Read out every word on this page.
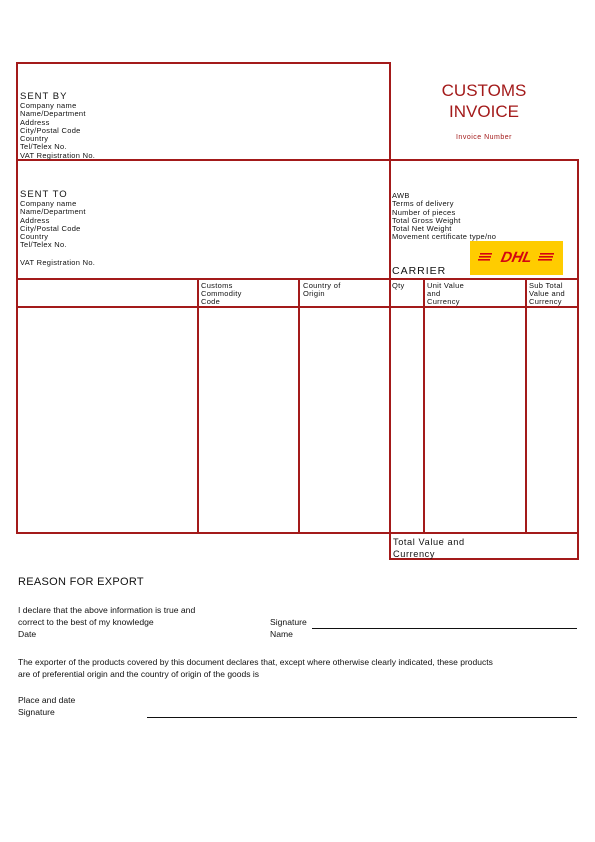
CUSTOMS
INVOICE
Invoice Number
SENT BY
Company name
Name/Department
Address
City/Postal Code
Country
Tel/Telex No.
VAT Registration No.
SENT TO
Company name
Name/Department
Address
City/Postal Code
Country
Tel/Telex No.
VAT Registration No.
AWB
Terms of delivery
Number of pieces
Total Gross Weight
Total Net Weight
Movement certificate type/no
CARRIER
DHL
Customs
Commodity
Code
Country of
Origin
Qty	Unit Value
and
Currency
Sub Total
Value and
Currency
Total Value and
Currency
REASON FOR EXPORT
I declare that the above information is true and
correct to the best of my knowledge
Date
Signature
Name
The exporter of the products covered by this document declares that, except where otherwise clearly indicated, these products
are of preferential origin and the country of origin of the goods is
Place and date
Signature
